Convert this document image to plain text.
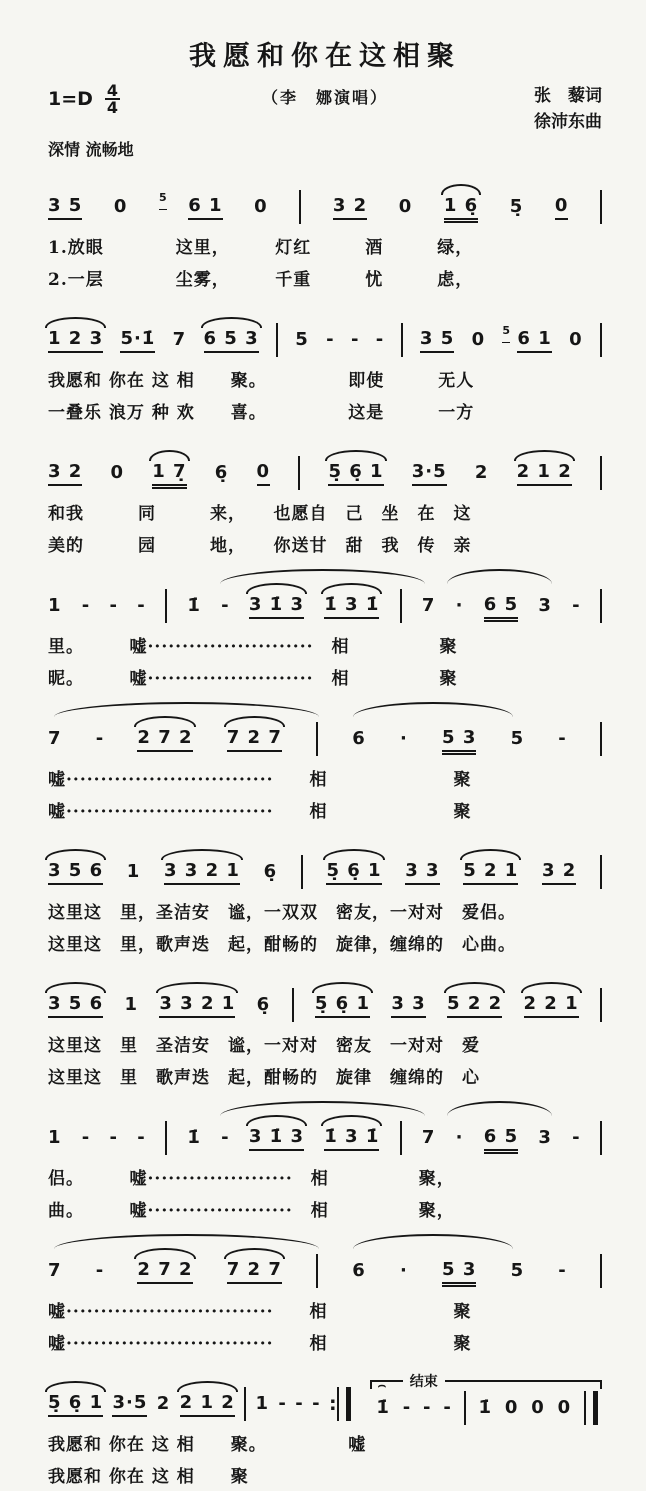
我愿和你在这相聚
$1=D \frac{4}{4}$	（李　娜演唱）	张　藜词
徐沛东曲
深情 流畅地
3 5 0	5 6 1 0	3 2 0 1 6̣ 5̣ 0
1.放眼　　　　这里，　　　灯红　　　酒　　　绿，
2.一层　　　　尘雾，　　　千重　　　忧　　　虑，
1 2 3 5·1̇ 7 6 5 3 5 - - - 3 5 0 5 6 1 0
我愿和 你在 这 相　　聚。　　　　　即使　　　无人
一叠乐 浪万 种 欢　　喜。　　　　　这是　　　一方
3 2 0 1 7̣ 6̣ 0	5̣ 6̣ 1 3·5 2 2 1 2
和我　　　同　　　来，　　也愿自　己　坐　在　这
美的　　　园　　　地，　　你送甘　甜　我　传　亲
1 - - - 1̇ - 3 1̇ 3 1̇ 3 1̇ 7 · 6 5 3 -
里。　　　嘘························　相　　　　　聚
昵。　　　嘘························　相　　　　　聚
7 - 2 7 2 7 2 7	6 · 5 3 5 -
嘘······························　　相　　　　　　　聚
嘘······························　　相　　　　　　　聚
3 5 6 1 3 3 2 1 6̣	5̣ 6̣ 1 3 3 5 2 1 3 2
这里这　里，圣洁安　谧，一双双　密友，一对对　爱侣。
这里这　里，歌声迭　起，酣畅的　旋律，缠绵的　心曲。
3 5 6 1 3 3 2 1 6̣ 5̣ 6̣ 1 3 3 5 2 2 2 2 1
这里这　里　圣洁安　谧，一对对　密友　一对对　爱
这里这　里　歌声迭　起，酣畅的　旋律　缠绵的　心
1 - - - 1̇ - 3 1̇ 3 1̇ 3 1̇ 7 · 6 5 3 -
侣。　　　嘘·····················　相　　　　　聚，
曲。　　　嘘·····················　相　　　　　聚，
7 - 2 7 2 7 2 7	6 · 5 3 5 -
嘘······························　　相　　　　　　　聚
嘘······························　　相　　　　　　　聚
5̣ 6̣ 1 3·5 2 2 1 2 1 - - - :
结束
⌢ 1̇ - - - 1̇ 0 0 0
我愿和 你在 这 相　　聚。　　　　　嘘
我愿和 你在 这 相　　聚
